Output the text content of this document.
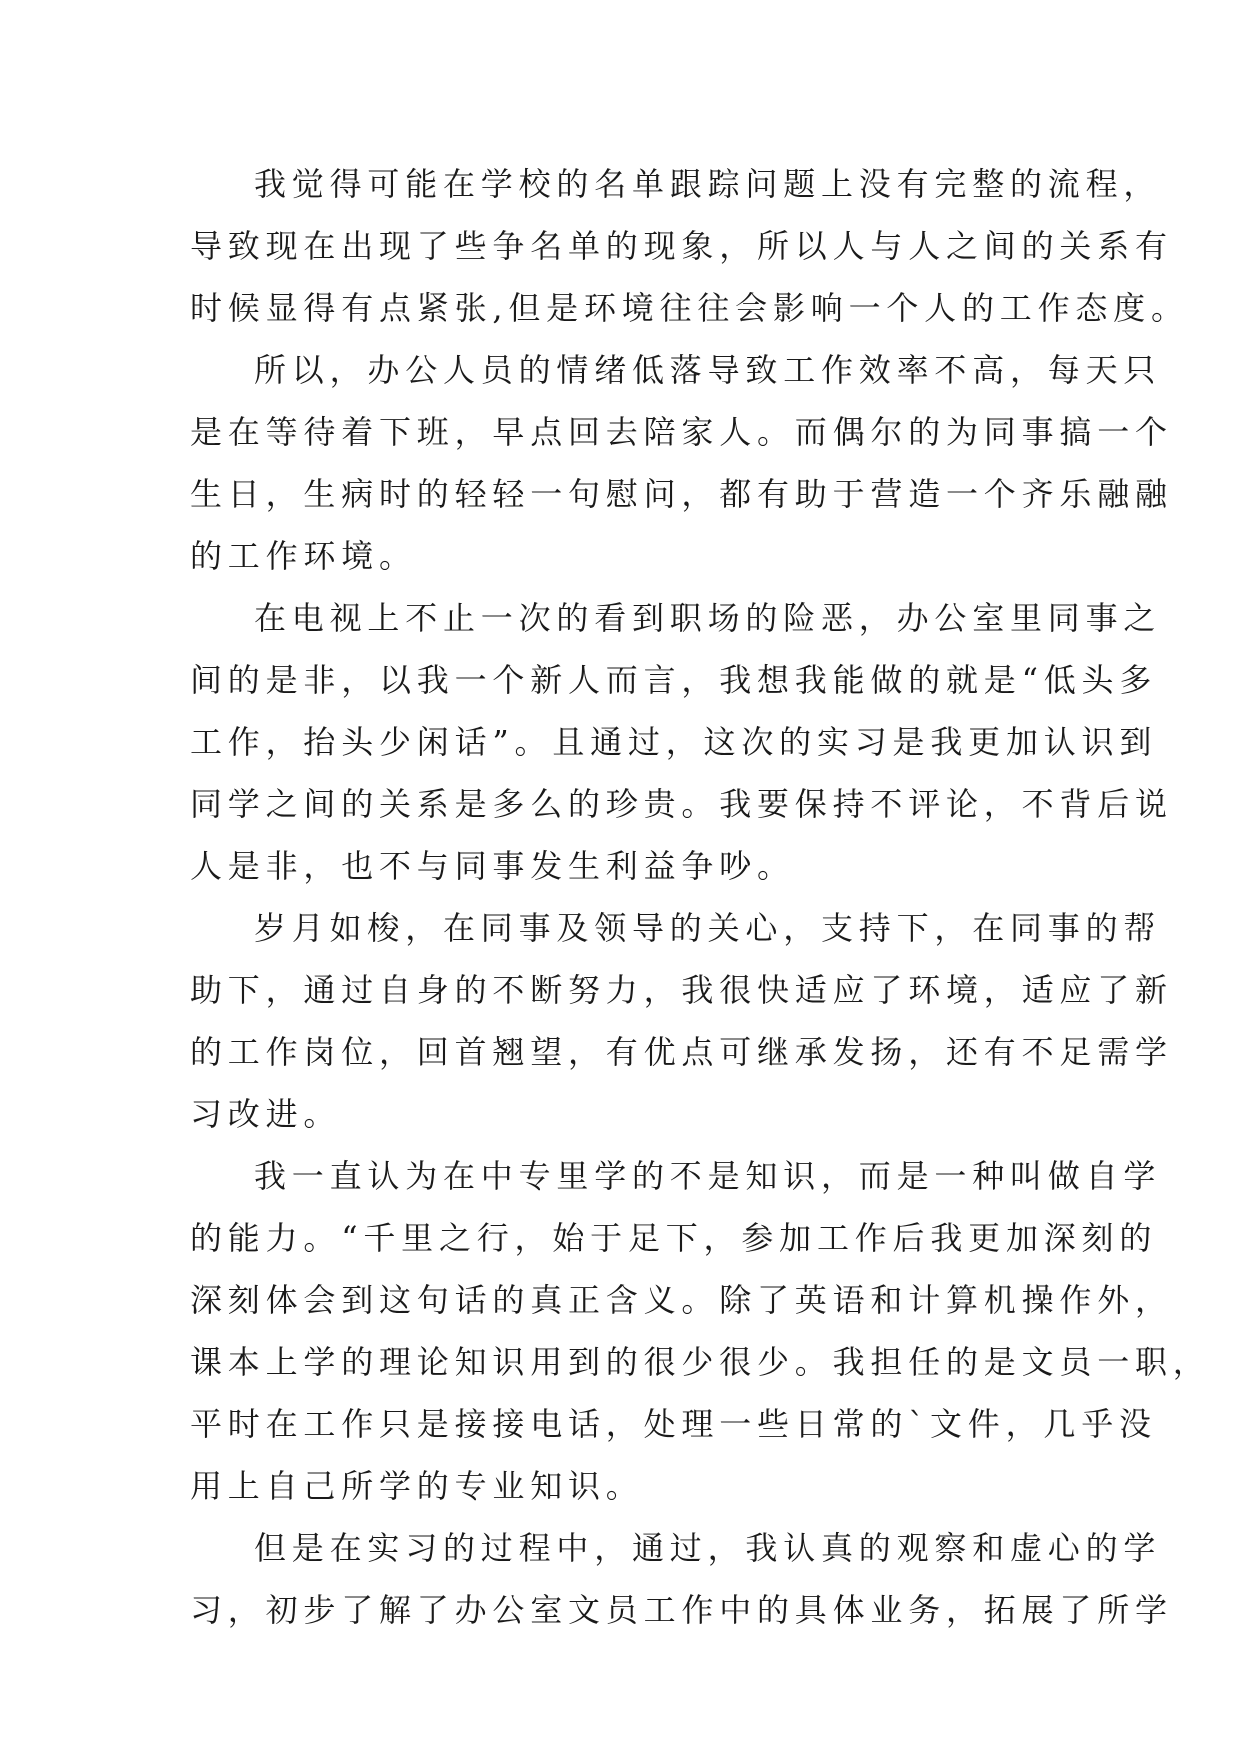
我觉得可能在学校的名单跟踪问题上没有完整的流程，
导致现在出现了些争名单的现象，所以人与人之间的关系有
时候显得有点紧张,但是环境往往会影响一个人的工作态度。
所以，办公人员的情绪低落导致工作效率不高，每天只
是在等待着下班，早点回去陪家人。而偶尔的为同事搞一个
生日，生病时的轻轻一句慰问，都有助于营造一个齐乐融融
的工作环境。
在电视上不止一次的看到职场的险恶，办公室里同事之
间的是非，以我一个新人而言，我想我能做的就是“低头多
工作，抬头少闲话”。且通过，这次的实习是我更加认识到
同学之间的关系是多么的珍贵。我要保持不评论，不背后说
人是非，也不与同事发生利益争吵。
岁月如梭，在同事及领导的关心，支持下，在同事的帮
助下，通过自身的不断努力，我很快适应了环境，适应了新
的工作岗位，回首翘望，有优点可继承发扬，还有不足需学
习改进。
我一直认为在中专里学的不是知识，而是一种叫做自学
的能力。“千里之行，始于足下，参加工作后我更加深刻的
深刻体会到这句话的真正含义。除了英语和计算机操作外，
课本上学的理论知识用到的很少很少。我担任的是文员一职，
平时在工作只是接接电话，处理一些日常的`文件，几乎没
用上自己所学的专业知识。
但是在实习的过程中，通过，我认真的观察和虚心的学
习，初步了解了办公室文员工作中的具体业务，拓展了所学
